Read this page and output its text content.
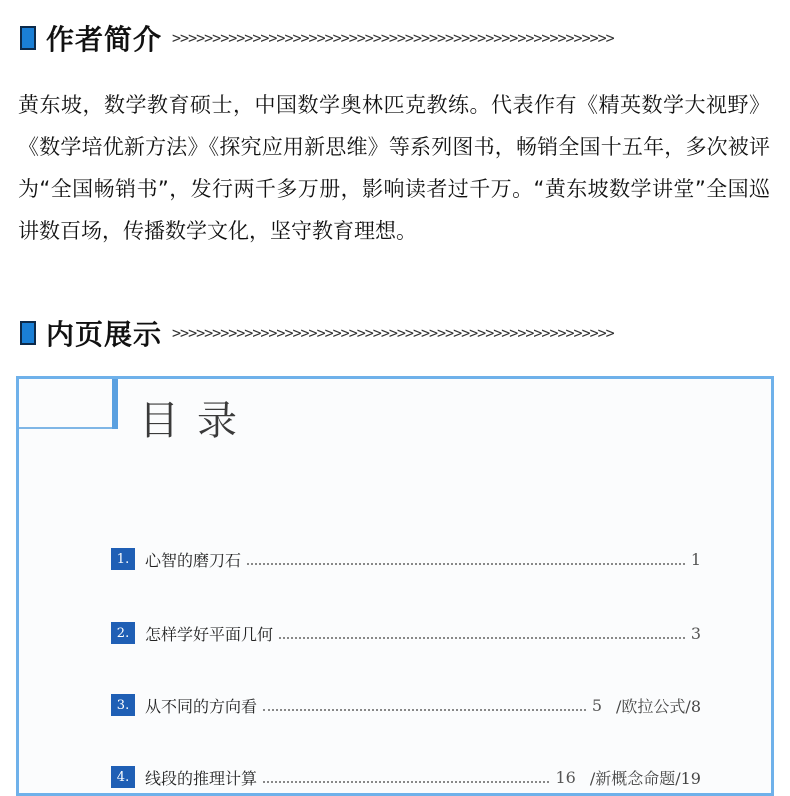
作者简介 >>>>>>>>>>>>>>>>>>>>>>>>>>>>>>>>>>>>>>>>>>>>>>>>>>>>>>>
黄东坡，数学教育硕士，中国数学奥林匹克教练。代表作有《精英数学大视野》《数学培优新方法》《探究应用新思维》等系列图书，畅销全国十五年，多次被评为“全国畅销书”，发行两千多万册，影响读者过千万。“黄东坡数学讲堂”全国巡讲数百场，传播数学文化，坚守教育理想。
内页展示 >>>>>>>>>>>>>>>>>>>>>>>>>>>>>>>>>>>>>>>>>>>>>>>>>>>>>>>
目录
1. 心智的磨刀石	1
2. 怎样学好平面几何	3
3. 从不同的方向看	5 /欧拉公式/8
4. 线段的推理计算	16 /新概念命题/19
